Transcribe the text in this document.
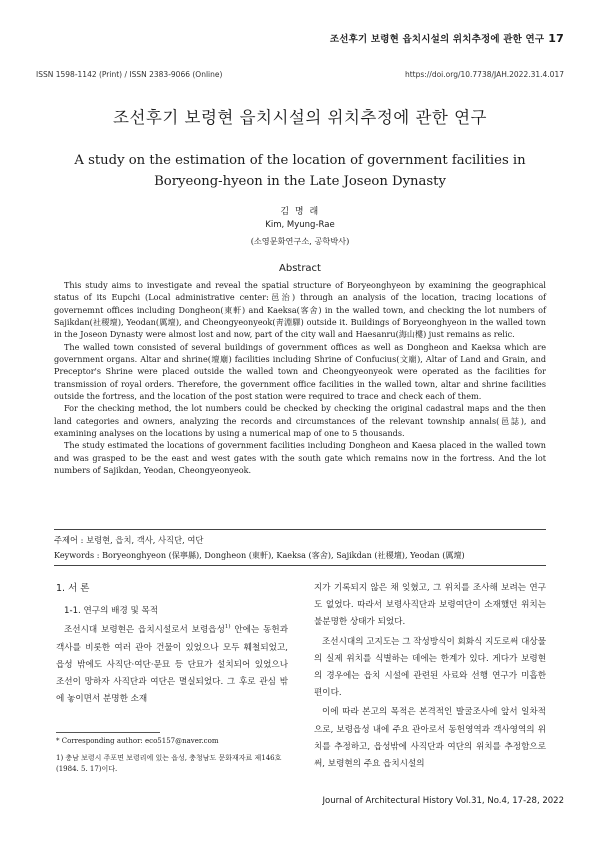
조선후기 보령현 읍치시설의 위치추정에 관한 연구 17
ISSN 1598-1142 (Print) / ISSN 2383-9066 (Online)	https://doi.org/10.7738/JAH.2022.31.4.017
조선후기 보령현 읍치시설의 위치추정에 관한 연구
A study on the estimation of the location of government facilities in Boryeong-hyeon in the Late Joseon Dynasty
김 명 래
Kim, Myung-Rae
(소영문화연구소, 공학박사)
Abstract

This study aims to investigate and reveal the spatial structure of Boryeonghyeon by examining the geographical status of its Eupchi (Local administrative center:邑治) through an analysis of the location, tracing locations of governemnt offices including Dongheon(東軒) and Kaeksa(客舍) in the walled town, and checking the lot numbers of Sajikdan(社稷壇), Yeodan(厲壇), and Cheongyeonyeok(靑淵驛) outside it. Buildings of Boryeonghyeon in the walled town in the Joseon Dynasty were almost lost and now, part of the city wall and Haesanru(海山樓) just remains as relic.

The walled town consisted of several buildings of government offices as well as Dongheon and Kaeksa which are government organs. Altar and shrine(壇廟) facilities including Shrine of Confucius(文廟), Altar of Land and Grain, and Preceptor's Shrine were placed outside the walled town and Cheongyeonyeok were operated as the facilities for transmission of royal orders. Therefore, the government office facilities in the walled town, altar and shrine facilities outside the fortress, and the location of the post station were required to trace and check each of them.

For the checking method, the lot numbers could be checked by checking the original cadastral maps and the then land categories and owners, analyzing the records and circumstances of the relevant township annals(邑誌), and examining analyses on the locations by using a numerical map of one to 5 thousands.

The study estimated the locations of government facilities including Dongheon and Kaesa placed in the walled town and was grasped to be the east and west gates with the south gate which remains now in the fortress. And the lot numbers of Sajikdan, Yeodan, Cheongyeonyeok.

주제어 : 보령현, 읍치, 객사, 사직단, 여단
Keywords : Boryeonghyeon (保寧縣), Dongheon (東軒), Kaeksa (客舍), Sajikdan (社稷壇), Yeodan (厲壇)
1. 서 론
1-1. 연구의 배경 및 목적

조선시대 보령현은 읍치시설로서 보령읍성$^{1)}$ 안에는 동헌과 객사를 비롯한 여러 관아 건물이 있었으나 모두 훼철되었고, 읍성 밖에도 사직단·여단·문묘 등 단묘가 설치되어 있었으나 조선이 망하자 사직단과 여단은 멸실되었다. 그 후로 관심 밖에 놓이면서 분명한 소재

지가 기록되지 않은 채 잊혔고, 그 위치를 조사해 보려는 연구도 없었다. 따라서 보령사직단과 보령여단이 소재했던 위치는 불분명한 상태가 되었다.

조선시대의 고지도는 그 작성방식이 회화식 지도로써 대상물의 실제 위치를 식별하는 데에는 한계가 있다. 게다가 보령현의 경우에는 읍치 시설에 관련된 사료와 선행 연구가 미흡한 편이다.

이에 따라 본고의 목적은 본격적인 발굴조사에 앞서 일차적으로, 보령읍성 내에 주요 관아로서 동헌영역과 객사영역의 위치를 추정하고, 읍성밖에 사직단과 여단의 위치를 추정함으로써, 보령현의 주요 읍치시설의

* Corresponding author: eco5157@naver.com
1) 충남 보령시 주포면 보령리에 있는 읍성, 충청남도 문화재자료 제146호(1984. 5. 17)이다.
Journal of Architectural History Vol.31, No.4, 17-28, 2022
